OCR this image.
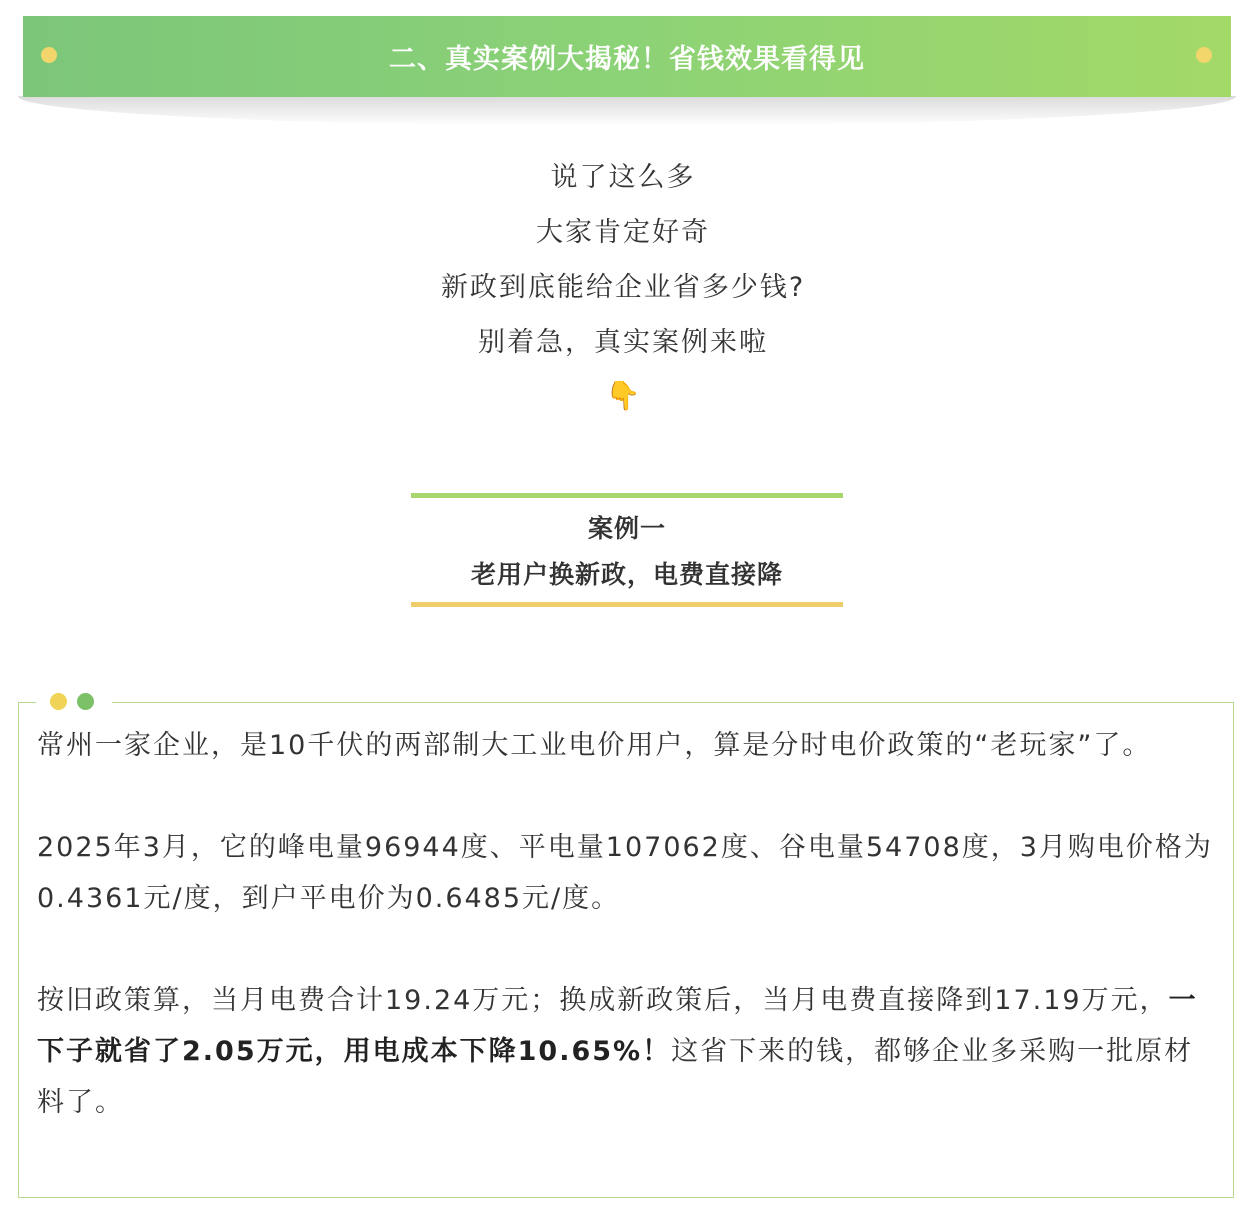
二、真实案例大揭秘！省钱效果看得见
说了这么多
大家肯定好奇
新政到底能给企业省多少钱?
别着急，真实案例来啦
👇
案例一
老用户换新政，电费直接降

常州一家企业，是10千伏的两部制大工业电价用户，算是分时电价政策的“老玩家”了。

2025年3月，它的峰电量96944度、平电量107062度、谷电量54708度，3月购电价格为0.4361元/度，到户平电价为0.6485元/度。

按旧政策算，当月电费合计19.24万元；换成新政策后，当月电费直接降到17.19万元，一下子就省了2.05万元，用电成本下降10.65%！这省下来的钱，都够企业多采购一批原材料了。
